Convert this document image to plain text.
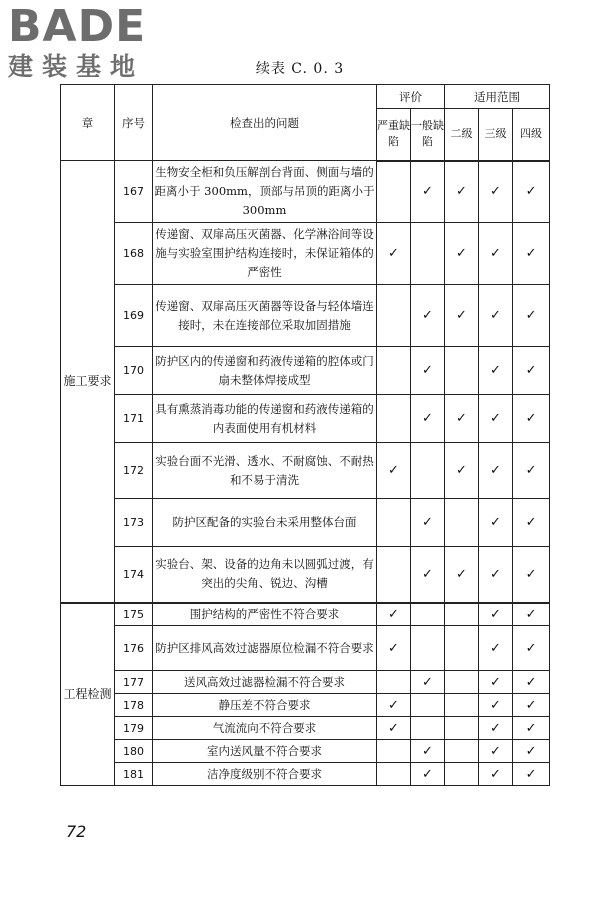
BADE
建装基地	续表 C. 0. 3
章	序号	检查出的问题	评价		适用范围		
			严重缺陷	一般缺陷	二级	三级	四级
施工要求	167	生物安全柜和负压解剖台背面、侧面与墙的距离小于 300mm，顶部与吊顶的距离小于 300mm		✓	✓	✓	✓
	168	传递窗、双扉高压灭菌器、化学淋浴间等设施与实验室围护结构连接时，未保证箱体的严密性	✓		✓	✓	✓
	169	传递窗、双扉高压灭菌器等设备与轻体墙连接时，未在连接部位采取加固措施		✓	✓	✓	✓
	170	防护区内的传递窗和药液传递箱的腔体或门扇未整体焊接成型		✓		✓	✓
	171	具有熏蒸消毒功能的传递窗和药液传递箱的内表面使用有机材料		✓	✓	✓	✓
	172	实验台面不光滑、透水、不耐腐蚀、不耐热和不易于清洗	✓		✓	✓	✓
	173	防护区配备的实验台未采用整体台面		✓		✓	✓
	174	实验台、架、设备的边角未以圆弧过渡，有突出的尖角、锐边、沟槽		✓	✓	✓	✓
工程检测	175	围护结构的严密性不符合要求	✓			✓	✓
	176	防护区排风高效过滤器原位检漏不符合要求	✓			✓	✓
	177	送风高效过滤器检漏不符合要求		✓		✓	✓
	178	静压差不符合要求	✓			✓	✓
	179	气流流向不符合要求	✓			✓	✓
	180	室内送风量不符合要求		✓		✓	✓
	181	洁净度级别不符合要求		✓		✓	✓
72
